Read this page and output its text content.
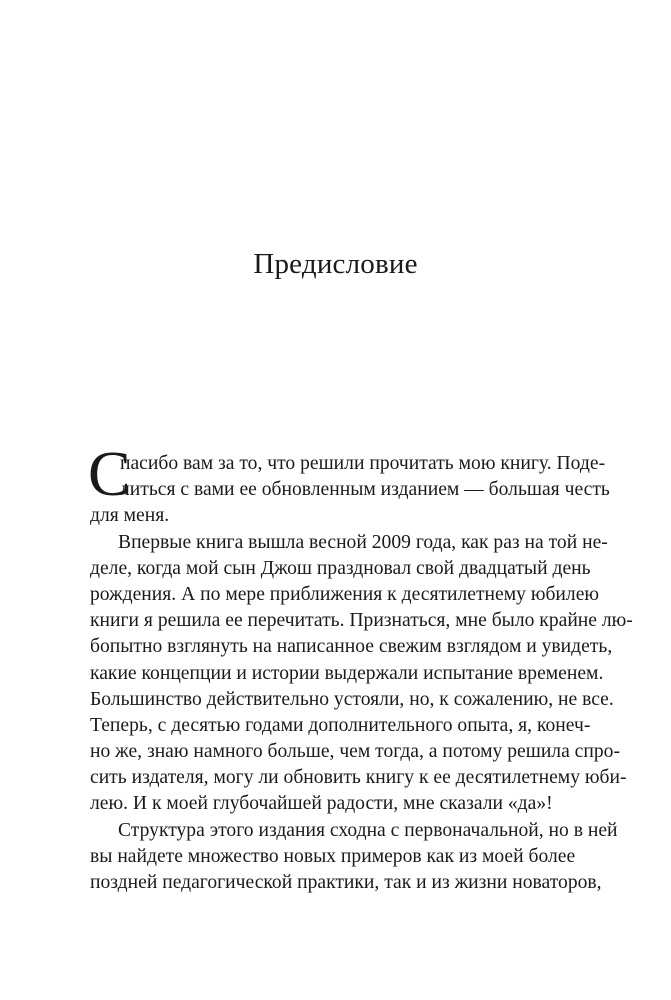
Предисловие
С
пасибо вам за то, что решили прочитать мою книгу. Поде-
литься с вами ее обновленным изданием — большая честь
для меня.
Впервые книга вышла весной 2009 года, как раз на той не-
деле, когда мой сын Джош праздновал свой двадцатый день
рождения. А по мере приближения к десятилетнему юбилею
книги я решила ее перечитать. Признаться, мне было крайне лю-
бопытно взглянуть на написанное свежим взглядом и увидеть,
какие концепции и истории выдержали испытание временем.
Большинство действительно устояли, но, к сожалению, не все.
Теперь, с десятью годами дополнительного опыта, я, конеч-
но же, знаю намного больше, чем тогда, а потому решила спро-
сить издателя, могу ли обновить книгу к ее десятилетнему юби-
лею. И к моей глубочайшей радости, мне сказали «да»!
Структура этого издания сходна с первоначальной, но в ней
вы найдете множество новых примеров как из моей более
поздней педагогической практики, так и из жизни новаторов,
